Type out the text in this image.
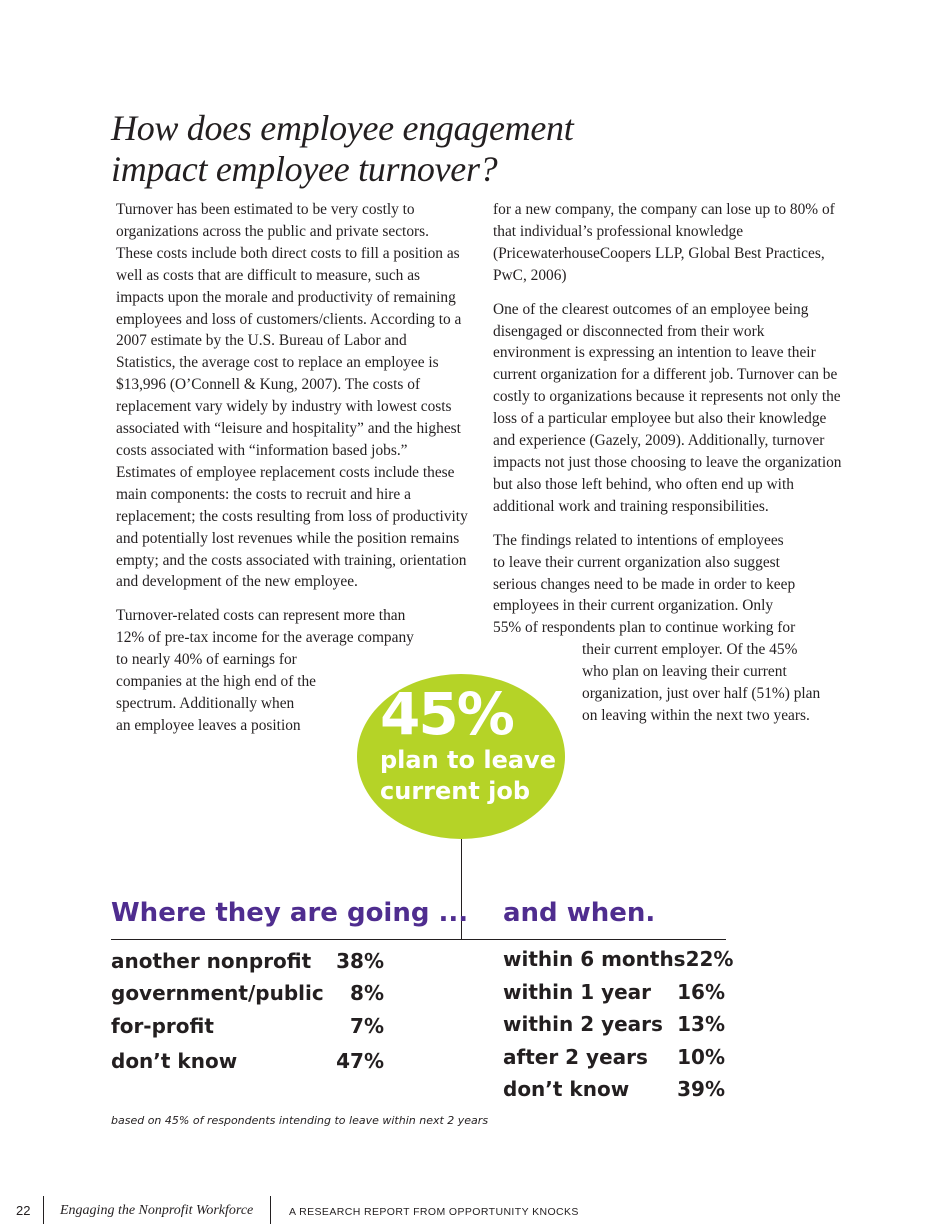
How does employee engagement
impact employee turnover?

Turnover has been estimated to be very costly to organizations across the public and private sectors. These costs include both direct costs to fill a position as well as costs that are difficult to measure, such as impacts upon the morale and productivity of remaining employees and loss of customers/clients. According to a 2007 estimate by the U.S. Bureau of Labor and Statistics, the average cost to replace an employee is $13,996 (O’Connell & Kung, 2007). The costs of replacement vary widely by industry with lowest costs associated with “leisure and hospitality” and the highest costs associated with “information based jobs.” Estimates of employee replacement costs include these main components: the costs to recruit and hire a replacement; the costs resulting from loss of productivity and potentially lost revenues while the position remains empty; and the costs associated with training, orientation and development of the new employee.

Turnover-related costs can represent more than
12% of pre-tax income for the average company
to nearly 40% of earnings for
companies at the high end of the
spectrum. Additionally when
an employee leaves a position

for a new company, the company can lose up to 80% of that individual’s professional knowledge (PricewaterhouseCoopers LLP, Global Best Practices, PwC, 2006)

One of the clearest outcomes of an employee being disengaged or disconnected from their work environment is expressing an intention to leave their current organization for a different job. Turnover can be costly to organizations because it represents not only the loss of a particular employee but also their knowledge and experience (Gazely, 2009). Additionally, turnover impacts not just those choosing to leave the organization but also those left behind, who often end up with additional work and training responsibilities.

The findings related to intentions of employees
to leave their current organization also suggest
serious changes need to be made in order to keep
employees in their current organization. Only
55% of respondents plan to continue working for
their current employer. Of the 45%
who plan on leaving their current
organization, just over half (51%) plan
on leaving within the next two years.

45%
plan to leave
current job
Where they are going ... and when.
another nonprofit 38%
government/public 8%
for-profit	7%
don’t know	47%
within 6 months 22%
within 1 year 16%
within 2 years 13%
after 2 years 10%
don’t know 39%
based on 45% of respondents intending to leave within next 2 years
22 Engaging the Nonprofit Workforce	A RESEARCH REPORT FROM OPPORTUNITY KNOCKS
